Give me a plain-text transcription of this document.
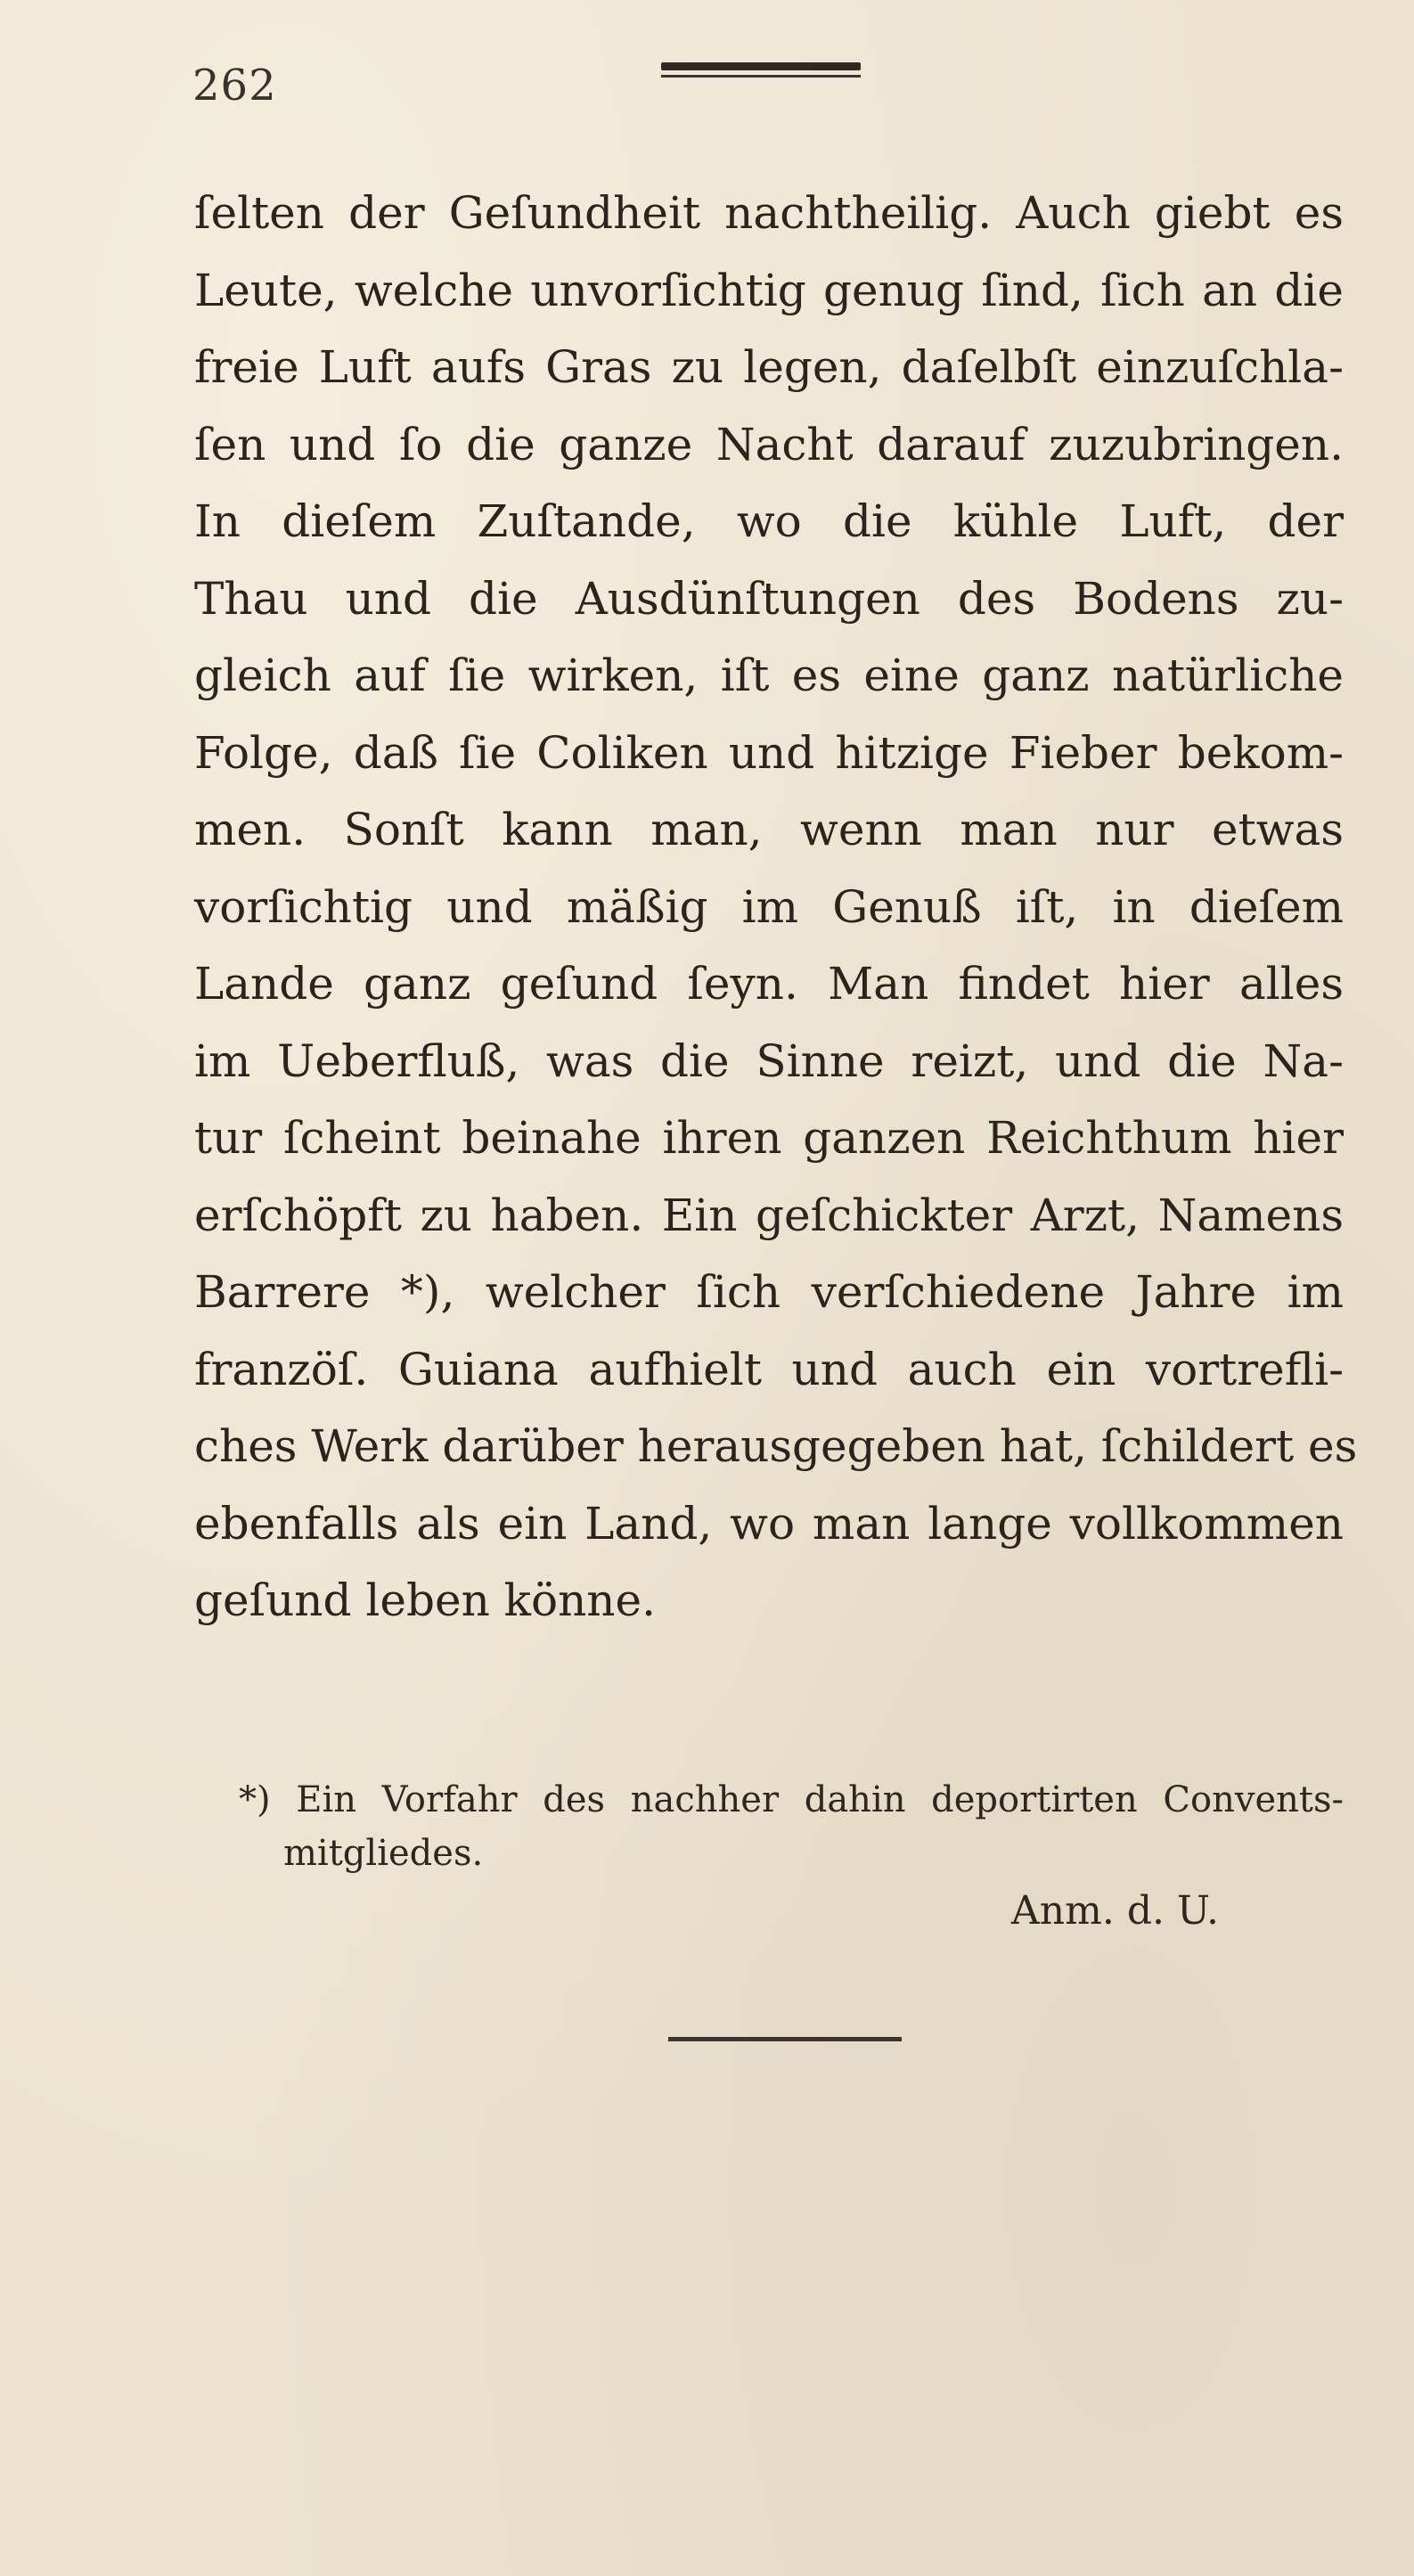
262
ſelten der Geſundheit nachtheilig. Auch giebt es
Leute, welche unvorſichtig genug ſind, ſich an die
freie Luft aufs Gras zu legen, daſelbſt einzuſchla-
ſen und ſo die ganze Nacht darauf zuzubringen.
In dieſem Zuſtande, wo die kühle Luft, der
Thau und die Ausdünſtungen des Bodens zu-
gleich auf ſie wirken, iſt es eine ganz natürliche
Folge, daß ſie Coliken und hitzige Fieber bekom-
men. Sonſt kann man, wenn man nur etwas
vorſichtig und mäßig im Genuß iſt, in dieſem
Lande ganz geſund ſeyn. Man findet hier alles
im Ueberfluß, was die Sinne reizt, und die Na-
tur ſcheint beinahe ihren ganzen Reichthum hier
erſchöpft zu haben. Ein geſchickter Arzt, Namens
Barrere *), welcher ſich verſchiedene Jahre im
franzöſ. Guiana aufhielt und auch ein vortrefli-
ches Werk darüber herausgegeben hat, ſchildert es
ebenfalls als ein Land, wo man lange vollkommen
geſund leben könne.
*) Ein Vorfahr des nachher dahin deportirten Convents-
mitgliedes.
Anm. d. U.
